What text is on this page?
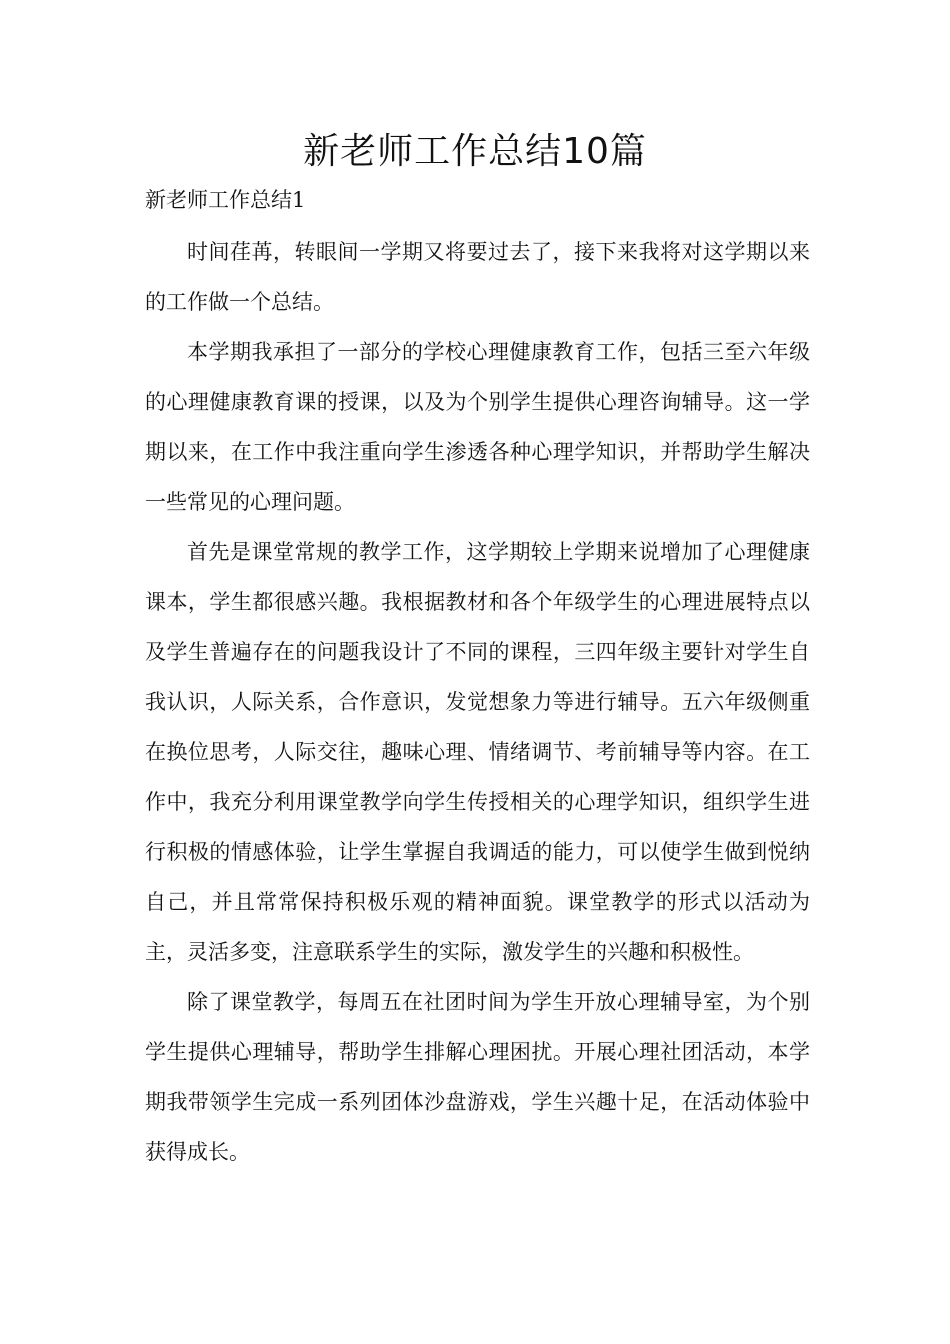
新老师工作总结10篇

新老师工作总结1

时间荏苒，转眼间一学期又将要过去了，接下来我将对这学期以来的工作做一个总结。

本学期我承担了一部分的学校心理健康教育工作，包括三至六年级的心理健康教育课的授课，以及为个别学生提供心理咨询辅导。这一学期以来，在工作中我注重向学生渗透各种心理学知识，并帮助学生解决一些常见的心理问题。

首先是课堂常规的教学工作，这学期较上学期来说增加了心理健康课本，学生都很感兴趣。我根据教材和各个年级学生的心理进展特点以及学生普遍存在的问题我设计了不同的课程，三四年级主要针对学生自我认识，人际关系，合作意识，发觉想象力等进行辅导。五六年级侧重在换位思考，人际交往，趣味心理、情绪调节、考前辅导等内容。在工作中，我充分利用课堂教学向学生传授相关的心理学知识，组织学生进行积极的情感体验，让学生掌握自我调适的能力，可以使学生做到悦纳自己，并且常常保持积极乐观的精神面貌。课堂教学的形式以活动为主，灵活多变，注意联系学生的实际，激发学生的兴趣和积极性。

除了课堂教学，每周五在社团时间为学生开放心理辅导室，为个别学生提供心理辅导，帮助学生排解心理困扰。开展心理社团活动，本学期我带领学生完成一系列团体沙盘游戏，学生兴趣十足，在活动体验中获得成长。
